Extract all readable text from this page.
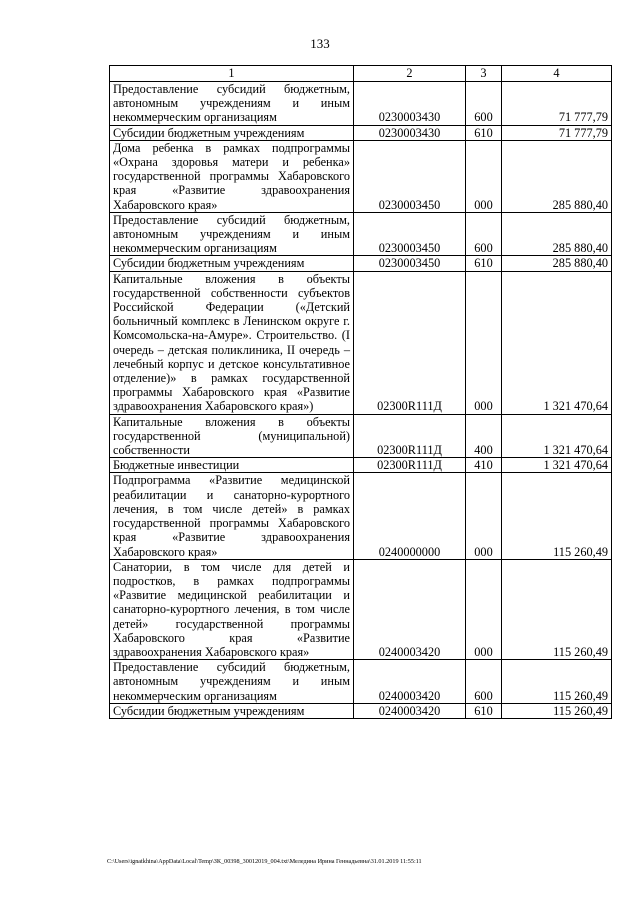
133
1	2	3	4
Предоставление субсидий бюджетным, автономным учреждениям и иным некоммерческим организациям	0230003430	600	71 777,79
Субсидии бюджетным учреждениям	0230003430	610	71 777,79
Дома ребенка в рамках подпрограммы «Охрана здоровья матери и ребенка» государственной программы Хабаровского края «Развитие здравоохранения Хабаровского края»	0230003450	000	285 880,40
Предоставление субсидий бюджетным, автономным учреждениям и иным некоммерческим организациям	0230003450	600	285 880,40
Субсидии бюджетным учреждениям	0230003450	610	285 880,40
Капитальные вложения в объекты государственной собственности субъектов Российской Федерации («Детский больничный комплекс в Ленинском округе г. Комсомольска-на-Амуре». Строительство. (I очередь – детская поликлиника, II очередь – лечебный корпус и детское консультативное отделение)» в рамках государственной программы Хабаровского края «Развитие здравоохранения Хабаровского края»)	02300R111Д	000	1 321 470,64
Капитальные вложения в объекты государственной (муниципальной) собственности	02300R111Д	400	1 321 470,64
Бюджетные инвестиции	02300R111Д	410	1 321 470,64
Подпрограмма «Развитие медицинской реабилитации и санаторно-курортного лечения, в том числе детей» в рамках государственной программы Хабаровского края «Развитие здравоохранения Хабаровского края»	0240000000	000	115 260,49
Санатории, в том числе для детей и подростков, в рамках подпрограммы «Развитие медицинской реабилитации и санаторно-курортного лечения, в том числе детей» государственной программы Хабаровского края «Развитие здравоохранения Хабаровского края»	0240003420	000	115 260,49
Предоставление субсидий бюджетным, автономным учреждениям и иным некоммерческим организациям	0240003420	600	115 260,49
Субсидии бюджетным учреждениям	0240003420	610	115 260,49
C:\Users\ignatkhina\AppData\Local\Temp\ЗК_00398_30012019_004.txt\Меледина Ирина Геннадьевна\31.01.2019 11:55:11
